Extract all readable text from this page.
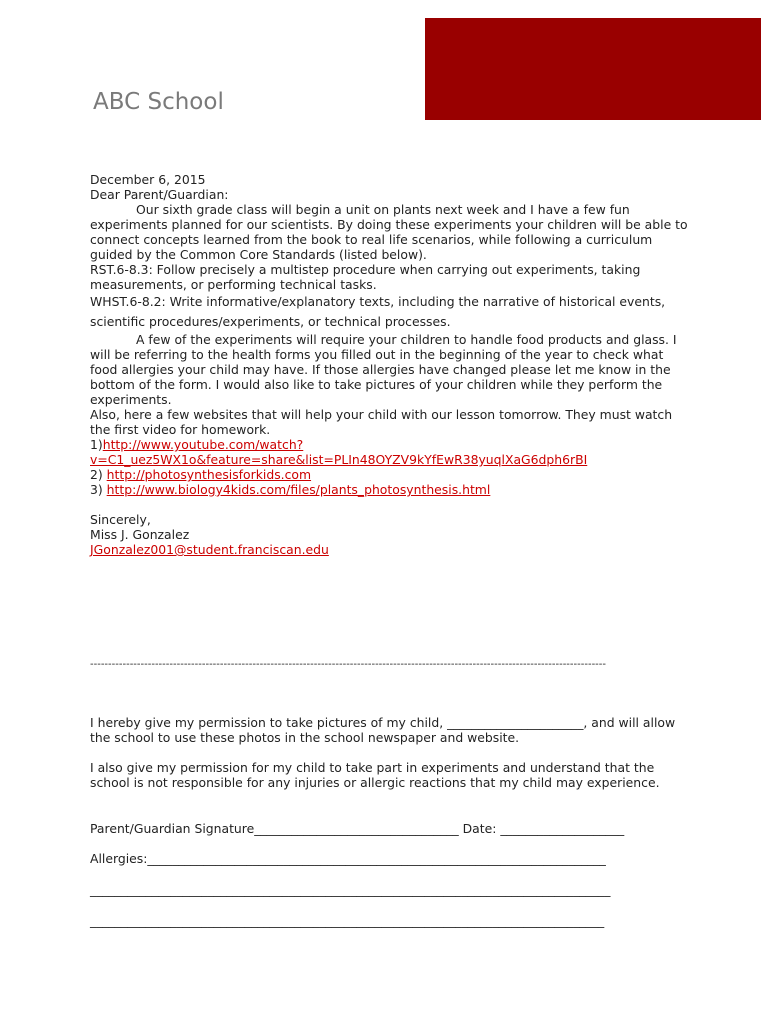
ABC School

December 6, 2015

Dear Parent/Guardian:

Our sixth grade class will begin a unit on plants next week and I have a few fun experiments planned for our scientists. By doing these experiments your children will be able to connect concepts learned from the book to real life scenarios, while following a curriculum guided by the Common Core Standards (listed below).

RST.6-8.3: Follow precisely a multistep procedure when carrying out experiments, taking measurements, or performing technical tasks.

WHST.6-8.2: Write informative/explanatory texts, including the narrative of historical events, scientific procedures/experiments, or technical processes.

A few of the experiments will require your children to handle food products and glass. I will be referring to the health forms you filled out in the beginning of the year to check what food allergies your child may have. If those allergies have changed please let me know in the bottom of the form. I would also like to take pictures of your children while they perform the experiments.

Also, here a few websites that will help your child with our lesson tomorrow. They must watch the first video for homework.

1)http://www.youtube.com/watch?
v=C1_uez5WX1o&feature=share&list=PLIn48OYZV9kYfEwR38yuqlXaG6dph6rBI
2) http://photosynthesisforkids.com
3) http://www.biology4kids.com/files/plants_photosynthesis.html

Sincerely,

Miss J. Gonzalez

JGonzalez001@student.franciscan.edu

-----------------------------------------------------------------------------------------------------------------------------------------------

I hereby give my permission to take pictures of my child, ______________________, and will allow the school to use these photos in the school newspaper and website.

I also give my permission for my child to take part in experiments and understand that the school is not responsible for any injuries or allergic reactions that my child may experience.

Parent/Guardian Signature_________________________________ Date: ____________________
Allergies:__________________________________________________________________________
____________________________________________________________________________________
___________________________________________________________________________________
